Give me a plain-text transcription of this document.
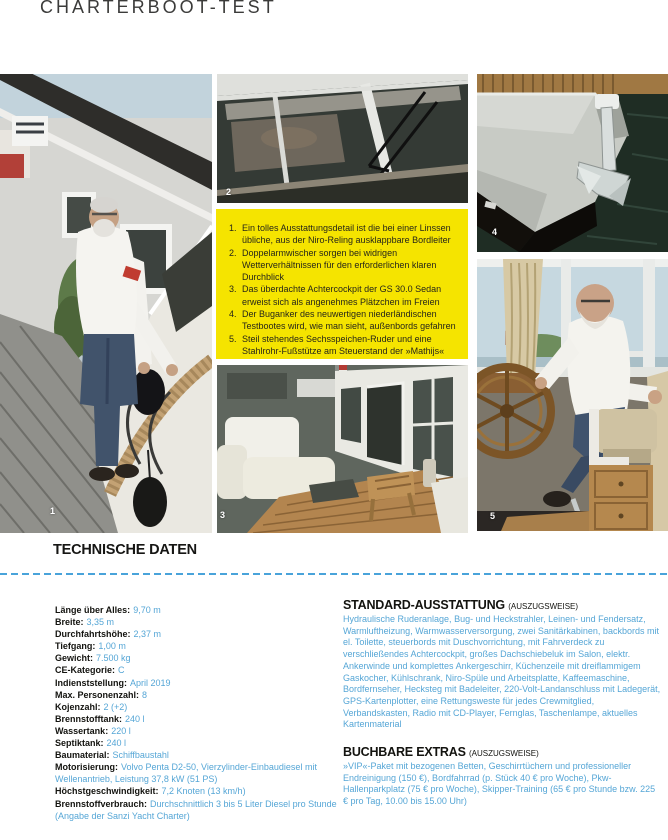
CHARTERBOOT-TEST
1
2
3
4
5
1. Ein tolles Ausstattungsdetail ist die bei einer Linssen übliche, aus der Niro-Reling ausklappbare Bordleiter
2. Doppelarmwischer sorgen bei widrigen Wetterverhältnissen für den erforderlichen klaren Durchblick
3. Das überdachte Achtercockpit der GS 30.0 Sedan erweist sich als angenehmes Plätzchen im Freien
4. Der Buganker des neuwertigen niederländischen Testbootes wird, wie man sieht, außenbords gefahren
5. Steil stehendes Sechsspeichen-Ruder und eine Stahlrohr-Fußstütze am Steuerstand der »Mathijs«
TECHNISCHE DATEN
Länge über Alles: 9,70 m
Breite: 3,35 m
Durchfahrtshöhe: 2,37 m
Tiefgang: 1,00 m
Gewicht: 7.500 kg
CE-Kategorie: C
Indienststellung: April 2019
Max. Personenzahl: 8
Kojenzahl: 2 (+2)
Brennstofftank: 240 l
Wassertank: 220 l
Septiktank: 240 l
Baumaterial: Schiffbaustahl
Motorisierung: Volvo Penta D2-50, Vierzylinder-Einbaudiesel mit Wellenantrieb, Leistung 37,8 kW (51 PS)
Höchstgeschwindigkeit: 7,2 Knoten (13 km/h)
Brennstoffverbrauch: Durchschnittlich 3 bis 5 Liter Diesel pro Stunde (Angabe der Sanzi Yacht Charter)
STANDARD-AUSSTATTUNG (AUSZUGSWEISE)

Hydraulische Ruderanlage, Bug- und Heckstrahler, Leinen- und Fendersatz, Warmluftheizung, Warmwasserversorgung, zwei Sanitärkabinen, backbords mit el. Toilette, steuerbords mit Duschvorrichtung, mit Fahrverdeck zu verschließendes Achtercockpit, großes Dachschiebeluk im Salon, elektr. Ankerwinde und komplettes Ankergeschirr, Küchenzeile mit dreiflammigem Gaskocher, Kühlschrank, Niro-Spüle und Arbeitsplatte, Kaffeemaschine, Bordfernseher, Hecksteg mit Badeleiter, 220-Volt-Landanschluss mit Ladegerät, GPS-Kartenplotter, eine Rettungsweste für jedes Crewmitglied, Verbandskasten, Radio mit CD-Player, Fernglas, Taschenlampe, aktuelles Kartenmaterial

BUCHBARE EXTRAS (AUSZUGSWEISE)

»VIP«-Paket mit bezogenen Betten, Geschirrtüchern und professioneller Endreinigung (150 €), Bordfahrrad (p. Stück 40 € pro Woche), Pkw-Hallenparkplatz (75 € pro Woche), Skipper-Training (65 € pro Stunde bzw. 225 € pro Tag, 10.00 bis 15.00 Uhr)
